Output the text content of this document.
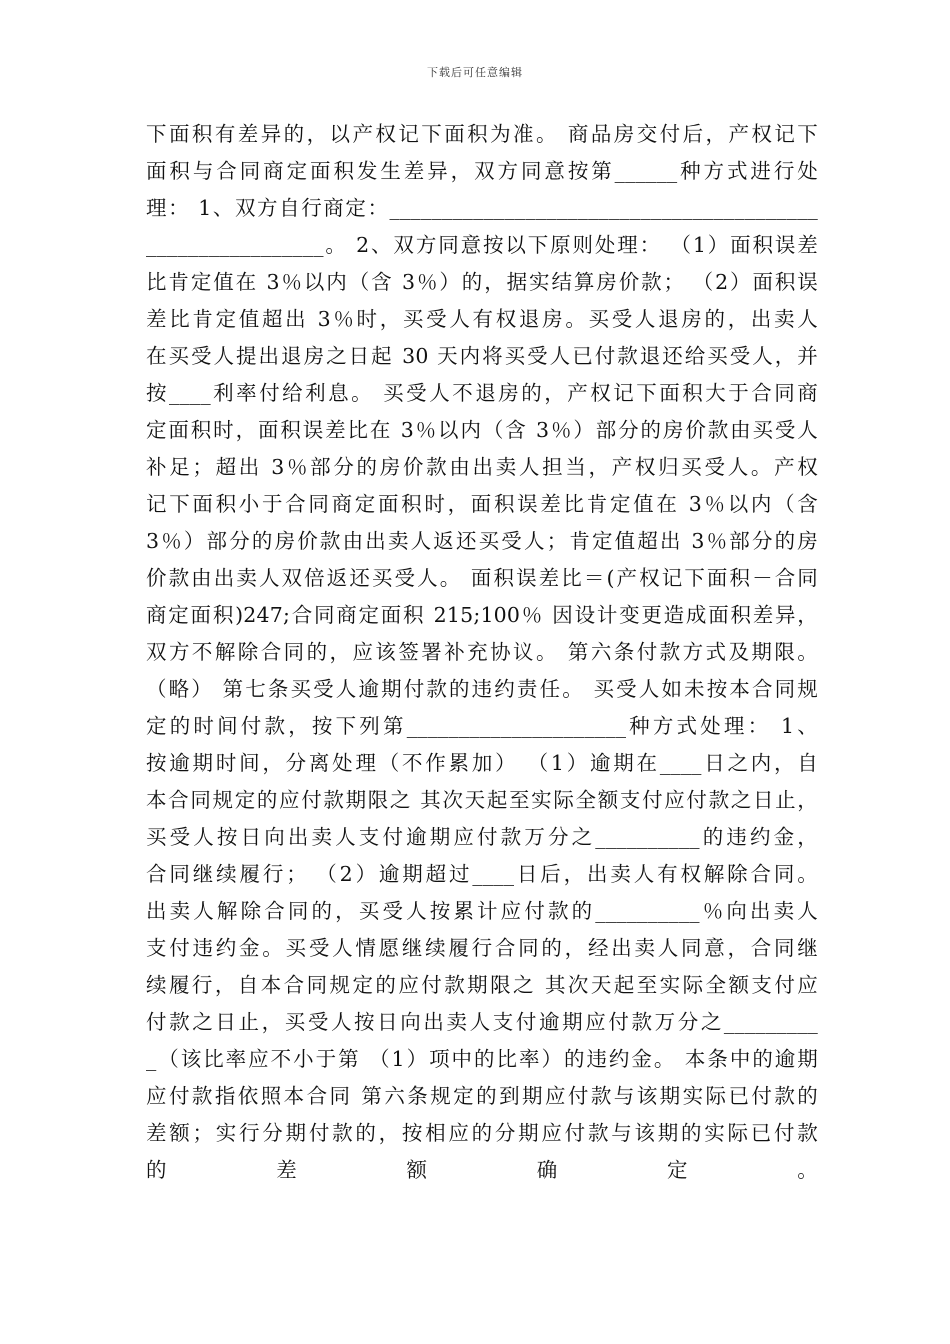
下载后可任意编辑
下面积有差异的，以产权记下面积为准。 商品房交付后，产权记下
面积与合同商定面积发生差异，双方同意按第______种方式进行处
理： 1、双方自行商定：_________________________________________
_________________。 2、双方同意按以下原则处理： （1）面积误差
比肯定值在 3％以内（含 3％）的，据实结算房价款； （2）面积误
差比肯定值超出 3％时，买受人有权退房。买受人退房的，出卖人
在买受人提出退房之日起 30 天内将买受人已付款退还给买受人，并
按____利率付给利息。 买受人不退房的，产权记下面积大于合同商
定面积时，面积误差比在 3％以内（含 3％）部分的房价款由买受人
补足；超出 3％部分的房价款由出卖人担当，产权归买受人。产权
记下面积小于合同商定面积时，面积误差比肯定值在 3％以内（含
3％）部分的房价款由出卖人返还买受人；肯定值超出 3％部分的房
价款由出卖人双倍返还买受人。 面积误差比＝(产权记下面积－合同
商定面积)247;合同商定面积 215;100％ 因设计变更造成面积差异，
双方不解除合同的，应该签署补充协议。 第六条付款方式及期限。
（略） 第七条买受人逾期付款的违约责任。 买受人如未按本合同规
定的时间付款，按下列第_____________________种方式处理： 1、
按逾期时间，分离处理（不作累加） （1）逾期在____日之内，自
本合同规定的应付款期限之 其次天起至实际全额支付应付款之日止，
买受人按日向出卖人支付逾期应付款万分之__________的违约金，
合同继续履行； （2）逾期超过____日后，出卖人有权解除合同。
出卖人解除合同的，买受人按累计应付款的__________％向出卖人
支付违约金。买受人情愿继续履行合同的，经出卖人同意，合同继
续履行，自本合同规定的应付款期限之 其次天起至实际全额支付应
付款之日止，买受人按日向出卖人支付逾期应付款万分之_________
_（该比率应不小于第 （1）项中的比率）的违约金。 本条中的逾期
应付款指依照本合同 第六条规定的到期应付款与该期实际已付款的
差额；实行分期付款的，按相应的分期应付款与该期的实际已付款
的 差 额 确 定 。
